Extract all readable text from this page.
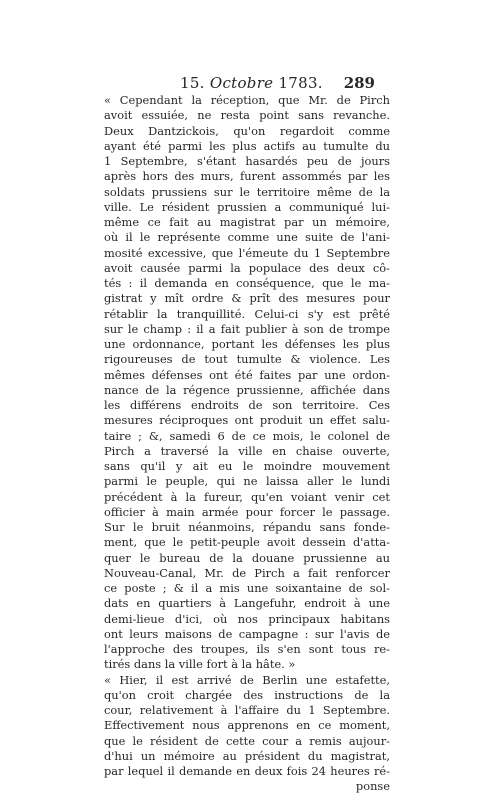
15. Octobre 1783. 289
« Cependant la réception, que Mr. de Pirch
avoit essuiée, ne resta point sans revanche.
Deux Dantzickois, qu'on regardoit comme
ayant été parmi les plus actifs au tumulte du
1 Septembre, s'étant hasardés peu de jours
après hors des murs, furent assommés par les
soldats prussiens sur le territoire même de la
ville. Le résident prussien a communiqué lui-
même ce fait au magistrat par un mémoire,
où il le représente comme une suite de l'ani-
mosité excessive, que l'émeute du 1 Septembre
avoit causée parmi la populace des deux cô-
tés : il demanda en conséquence, que le ma-
gistrat y mît ordre & prît des mesures pour
rétablir la tranquillité. Celui-ci s'y est prêté
sur le champ : il a fait publier à son de trompe
une ordonnance, portant les défenses les plus
rigoureuses de tout tumulte & violence. Les
mêmes défenses ont été faites par une ordon-
nance de la régence prussienne, affichée dans
les différens endroits de son territoire. Ces
mesures réciproques ont produit un effet salu-
taire ; &, samedi 6 de ce mois, le colonel de
Pirch a traversé la ville en chaise ouverte,
sans qu'il y ait eu le moindre mouvement
parmi le peuple, qui ne laissa aller le lundi
précédent à la fureur, qu'en voiant venir cet
officier à main armée pour forcer le passage.
Sur le bruit néanmoins, répandu sans fonde-
ment, que le petit-peuple avoit dessein d'atta-
quer le bureau de la douane prussienne au
Nouveau-Canal, Mr. de Pirch a fait renforcer
ce poste ; & il a mis une soixantaine de sol-
dats en quartiers à Langefuhr, endroit à une
demi-lieue d'ici, où nos principaux habitans
ont leurs maisons de campagne : sur l'avis de
l'approche des troupes, ils s'en sont tous re-
tirés dans la ville fort à la hâte. »
« Hier, il est arrivé de Berlin une estafette,
qu'on croit chargée des instructions de la
cour, relativement à l'affaire du 1 Septembre.
Effectivement nous apprenons en ce moment,
que le résident de cette cour a remis aujour-
d'hui un mémoire au président du magistrat,
par lequel il demande en deux fois 24 heures ré-
ponse
